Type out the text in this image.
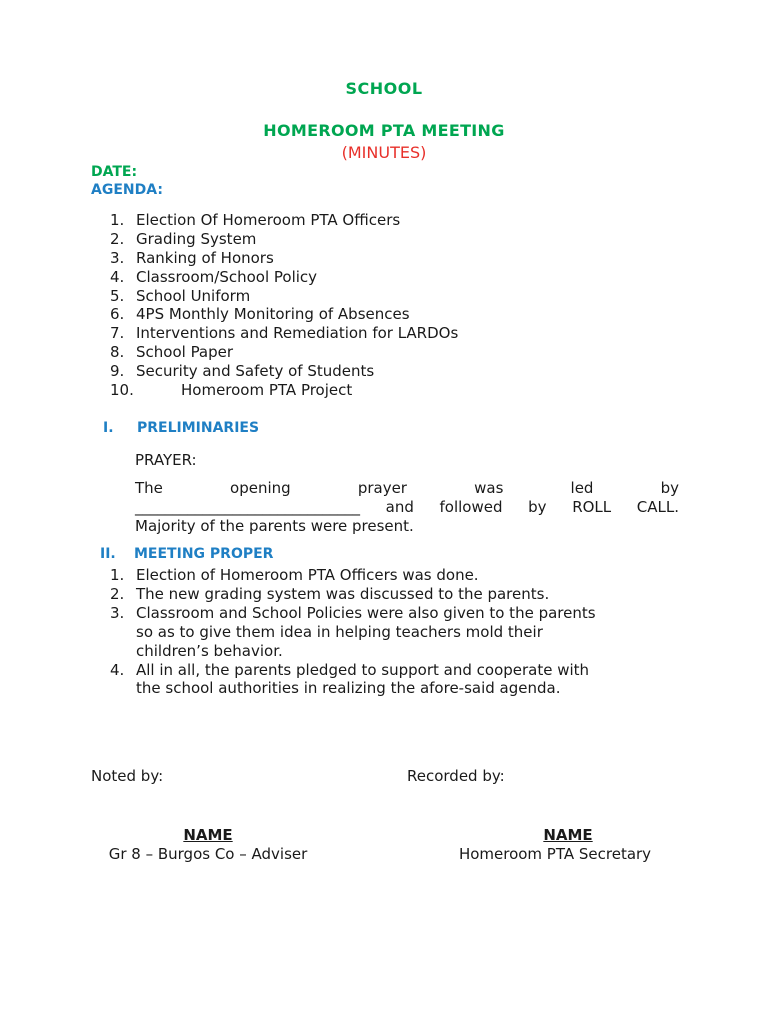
SCHOOL
HOMEROOM PTA MEETING
(MINUTES)
DATE:
AGENDA:
1. Election Of Homeroom PTA Officers
2. Grading System
3. Ranking of Honors
4. Classroom/School Policy
5. School Uniform
6. 4PS Monthly Monitoring of Absences
7. Interventions and Remediation for LARDOs
8. School Paper
9. Security and Safety of Students
10.	Homeroom PTA Project
I. PRELIMINARIES
PRAYER:
The opening prayer was led by
______________________________ and followed by ROLL CALL.
Majority of the parents were present.
II. MEETING PROPER
1. Election of Homeroom PTA Officers was done.
2. The new grading system was discussed to the parents.
3. Classroom and School Policies were also given to the parents
so as to give them idea in helping teachers mold their
children’s behavior.
4. All in all, the parents pledged to support and cooperate with
the school authorities in realizing the afore-said agenda.
Noted by:	Recorded by:
NAME
Gr 8 – Burgos Co – Adviser
NAME
Homeroom PTA Secretary
